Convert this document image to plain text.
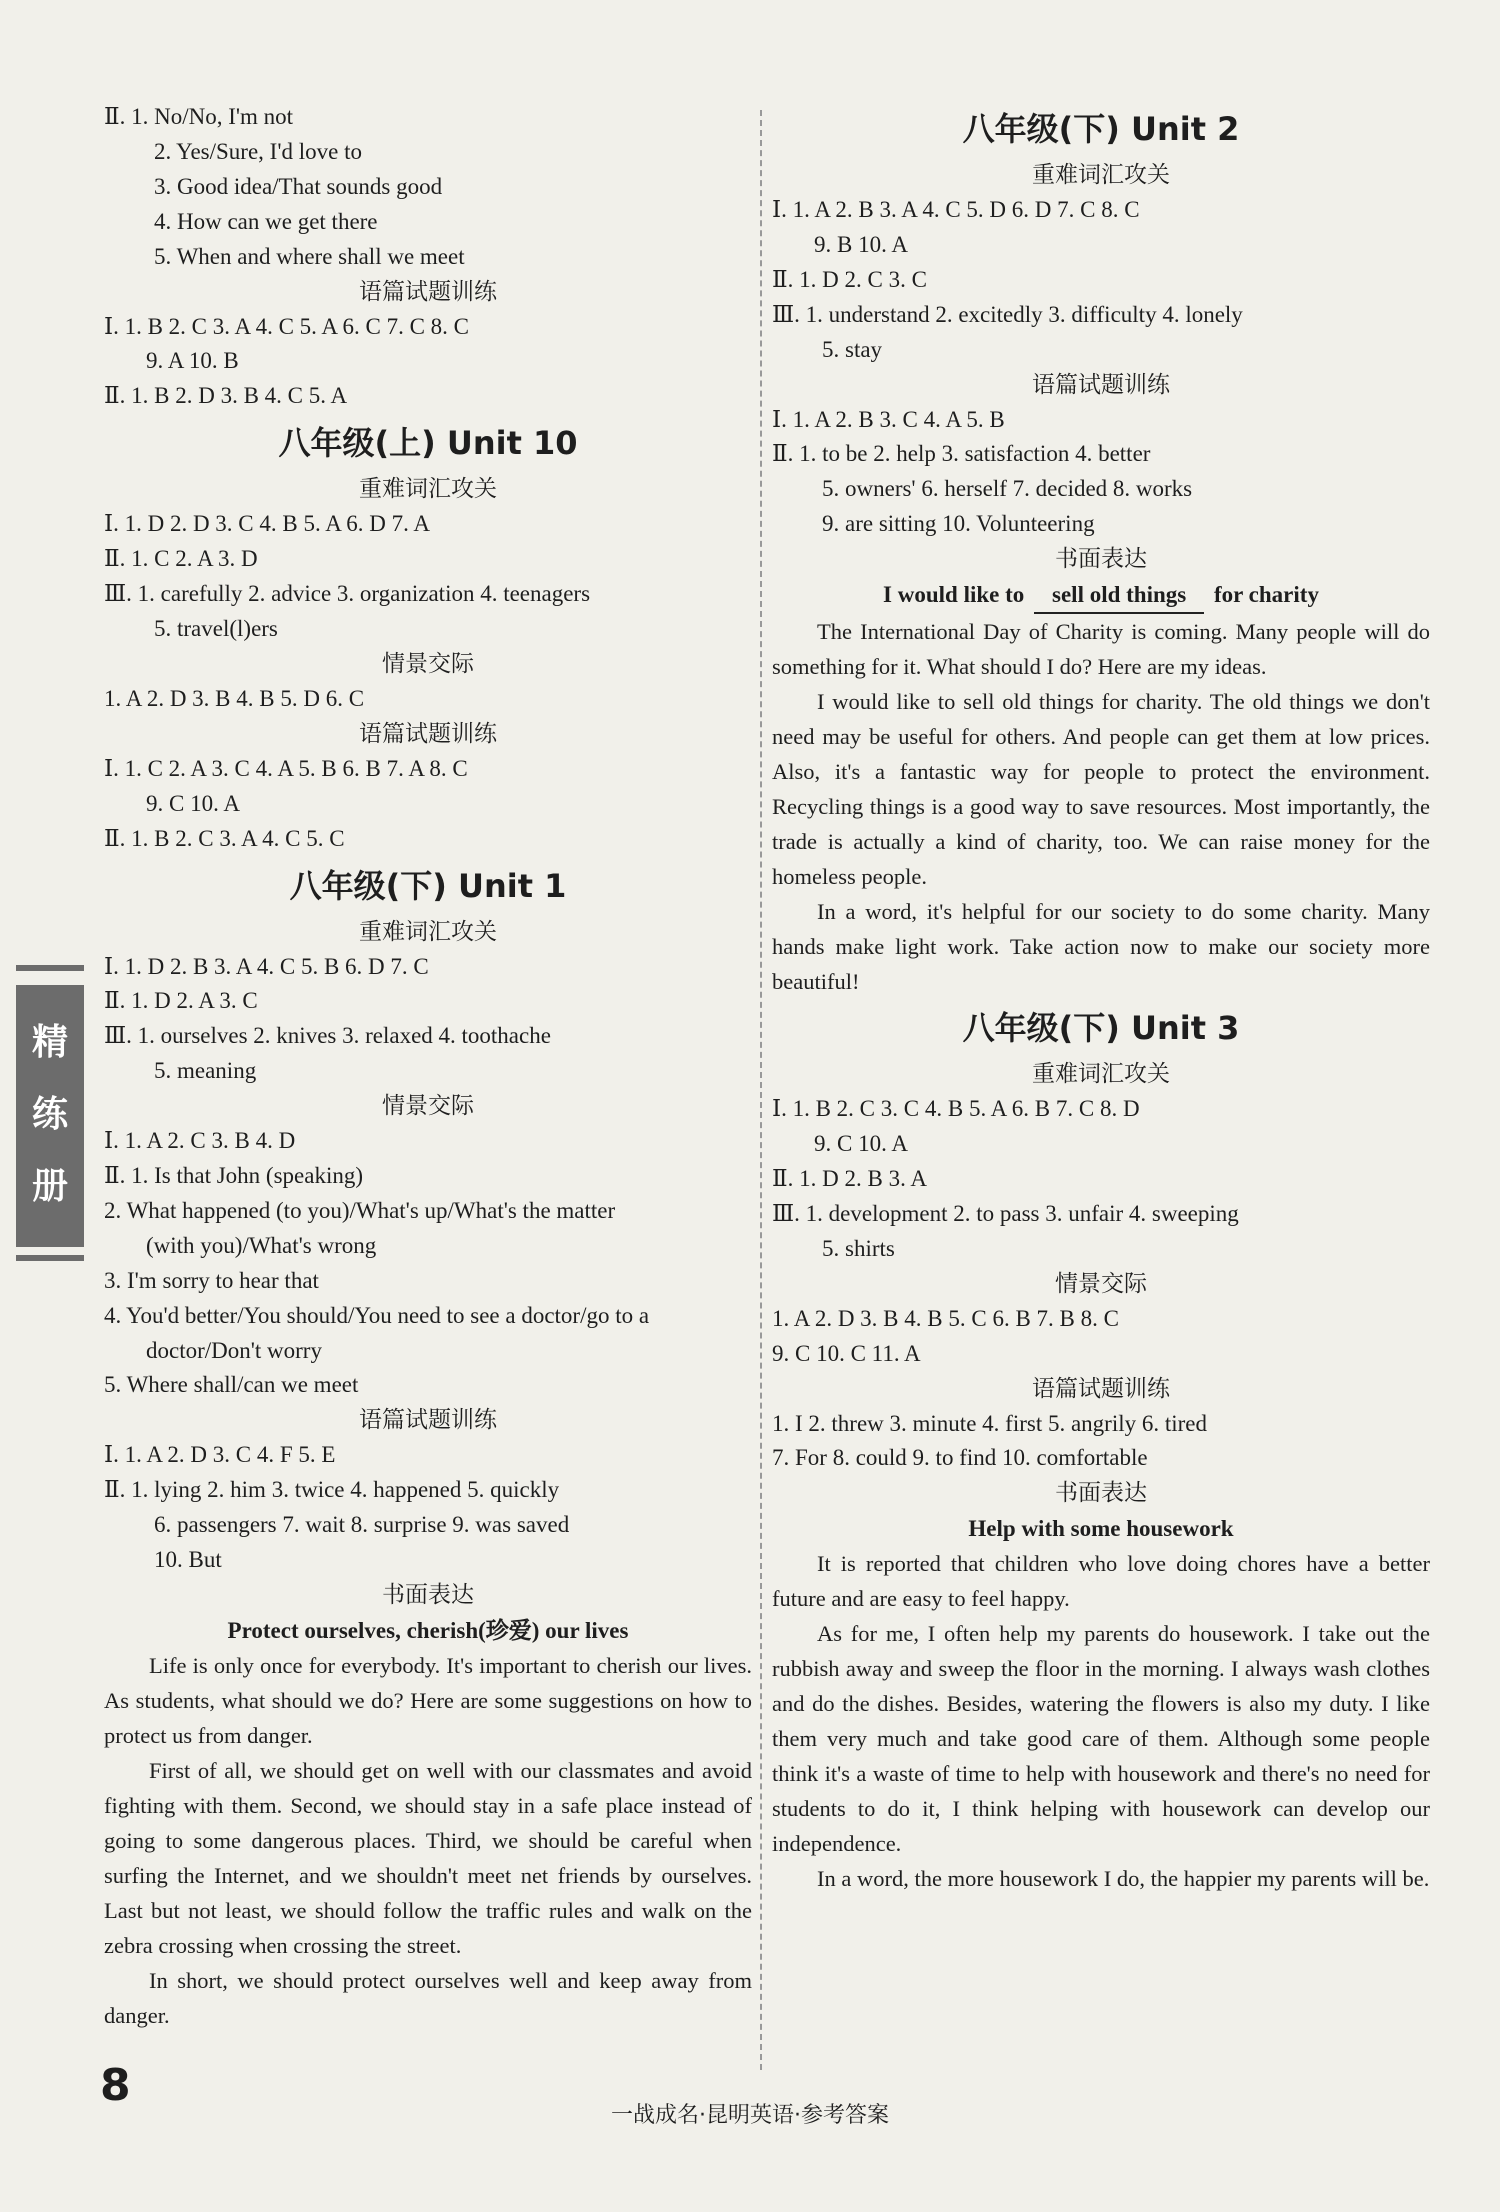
Ⅱ. 1. No/No, I'm not
2. Yes/Sure, I'd love to
3. Good idea/That sounds good
4. How can we get there
5. When and where shall we meet
语篇试题训练
Ⅰ. 1. B 2. C 3. A 4. C 5. A 6. C 7. C 8. C
9. A 10. B
Ⅱ. 1. B 2. D 3. B 4. C 5. A
八年级(上) Unit 10
重难词汇攻关
Ⅰ. 1. D 2. D 3. C 4. B 5. A 6. D 7. A
Ⅱ. 1. C 2. A 3. D
Ⅲ. 1. carefully 2. advice 3. organization 4. teenagers
5. travel(l)ers
情景交际
1. A 2. D 3. B 4. B 5. D 6. C
语篇试题训练
Ⅰ. 1. C 2. A 3. C 4. A 5. B 6. B 7. A 8. C
9. C 10. A
Ⅱ. 1. B 2. C 3. A 4. C 5. C
八年级(下) Unit 1
重难词汇攻关
Ⅰ. 1. D 2. B 3. A 4. C 5. B 6. D 7. C
Ⅱ. 1. D 2. A 3. C
Ⅲ. 1. ourselves 2. knives 3. relaxed 4. toothache
5. meaning
情景交际
Ⅰ. 1. A 2. C 3. B 4. D
Ⅱ. 1. Is that John (speaking)
2. What happened (to you)/What's up/What's the matter
(with you)/What's wrong
3. I'm sorry to hear that
4. You'd better/You should/You need to see a doctor/go to a
doctor/Don't worry
5. Where shall/can we meet
语篇试题训练
Ⅰ. 1. A 2. D 3. C 4. F 5. E
Ⅱ. 1. lying 2. him 3. twice 4. happened 5. quickly
6. passengers 7. wait 8. surprise 9. was saved
10. But
书面表达
Protect ourselves, cherish(珍爱) our lives

Life is only once for everybody. It's important to cherish our lives. As students, what should we do? Here are some suggestions on how to protect us from danger.

First of all, we should get on well with our classmates and avoid fighting with them. Second, we should stay in a safe place instead of going to some dangerous places. Third, we should be careful when surfing the Internet, and we shouldn't meet net friends by ourselves. Last but not least, we should follow the traffic rules and walk on the zebra crossing when crossing the street.

In short, we should protect ourselves well and keep away from danger.

八年级(下) Unit 2
重难词汇攻关
Ⅰ. 1. A 2. B 3. A 4. C 5. D 6. D 7. C 8. C
9. B 10. A
Ⅱ. 1. D 2. C 3. C
Ⅲ. 1. understand 2. excitedly 3. difficulty 4. lonely
5. stay
语篇试题训练
Ⅰ. 1. A 2. B 3. C 4. A 5. B
Ⅱ. 1. to be 2. help 3. satisfaction 4. better
5. owners' 6. herself 7. decided 8. works
9. are sitting 10. Volunteering
书面表达
I would like to sell old things for charity

The International Day of Charity is coming. Many people will do something for it. What should I do? Here are my ideas.

I would like to sell old things for charity. The old things we don't need may be useful for others. And people can get them at low prices. Also, it's a fantastic way for people to protect the environment. Recycling things is a good way to save resources. Most importantly, the trade is actually a kind of charity, too. We can raise money for the homeless people.

In a word, it's helpful for our society to do some charity. Many hands make light work. Take action now to make our society more beautiful!

八年级(下) Unit 3
重难词汇攻关
Ⅰ. 1. B 2. C 3. C 4. B 5. A 6. B 7. C 8. D
9. C 10. A
Ⅱ. 1. D 2. B 3. A
Ⅲ. 1. development 2. to pass 3. unfair 4. sweeping
5. shirts
情景交际
1. A 2. D 3. B 4. B 5. C 6. B 7. B 8. C
9. C 10. C 11. A
语篇试题训练
1. I 2. threw 3. minute 4. first 5. angrily 6. tired
7. For 8. could 9. to find 10. comfortable
书面表达
Help with some housework

It is reported that children who love doing chores have a better future and are easy to feel happy.

As for me, I often help my parents do housework. I take out the rubbish away and sweep the floor in the morning. I always wash clothes and do the dishes. Besides, watering the flowers is also my duty. I like them very much and take good care of them. Although some people think it's a waste of time to help with housework and there's no need for students to do it, I think helping with housework can develop our independence.

In a word, the more housework I do, the happier my parents will be.

精练册
8
一战成名·昆明英语·参考答案
